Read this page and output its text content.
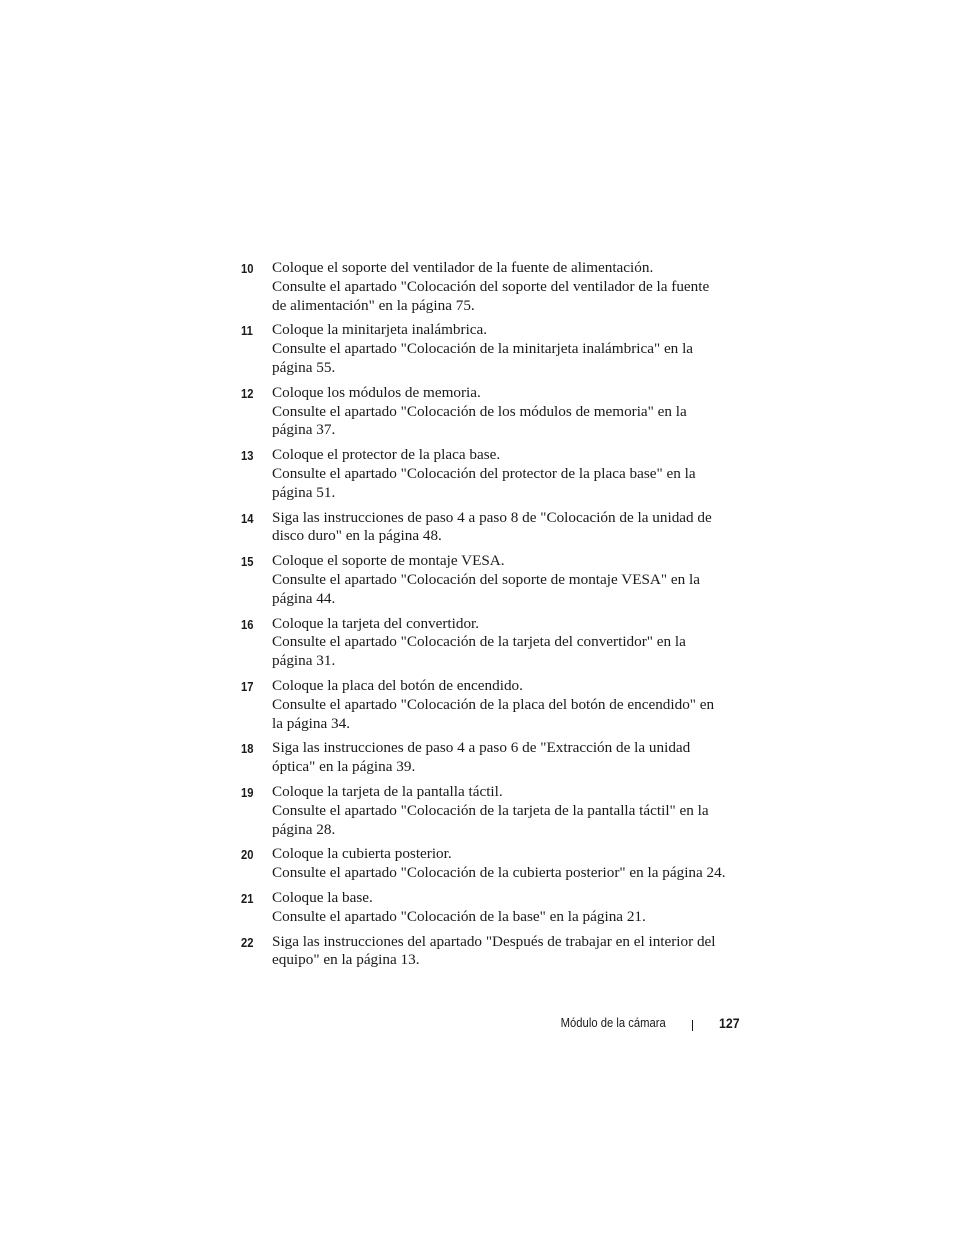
10 Coloque el soporte del ventilador de la fuente de alimentación.
Consulte el apartado "Colocación del soporte del ventilador de la fuente
de alimentación" en la página 75.
11 Coloque la minitarjeta inalámbrica.
Consulte el apartado "Colocación de la minitarjeta inalámbrica" en la
página 55.
12 Coloque los módulos de memoria.
Consulte el apartado "Colocación de los módulos de memoria" en la
página 37.
13 Coloque el protector de la placa base.
Consulte el apartado "Colocación del protector de la placa base" en la
página 51.
14 Siga las instrucciones de paso 4 a paso 8 de "Colocación de la unidad de
disco duro" en la página 48.
15 Coloque el soporte de montaje VESA.
Consulte el apartado "Colocación del soporte de montaje VESA" en la
página 44.
16 Coloque la tarjeta del convertidor.
Consulte el apartado "Colocación de la tarjeta del convertidor" en la
página 31.
17 Coloque la placa del botón de encendido.
Consulte el apartado "Colocación de la placa del botón de encendido" en
la página 34.
18 Siga las instrucciones de paso 4 a paso 6 de "Extracción de la unidad
óptica" en la página 39.
19 Coloque la tarjeta de la pantalla táctil.
Consulte el apartado "Colocación de la tarjeta de la pantalla táctil" en la
página 28.
20 Coloque la cubierta posterior.
Consulte el apartado "Colocación de la cubierta posterior" en la página 24.
21 Coloque la base.
Consulte el apartado "Colocación de la base" en la página 21.
22 Siga las instrucciones del apartado "Después de trabajar en el interior del
equipo" en la página 13.
Módulo de la cámara	127
